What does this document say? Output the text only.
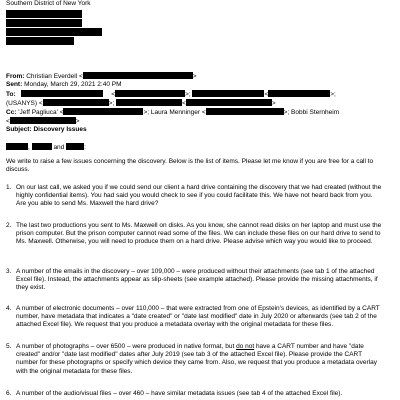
Southern District of New York
From: Christian Everdell <	>
Sent: Monday, March 29, 2021 2:40 PM
To:	<	>;	<	>;
(USANYS) <	>;	<	>
Cc: 'Jeff Pagliuca' <	>; Laura Menninger <	>; Bobbi Sternheim
<	>
Subject: Discovery Issues
,	and	:
We write to raise a few issues concerning the discovery. Below is the list of items. Please let me know if you are free for a call to discuss.
1. On our last call, we asked you if we could send our client a hard drive containing the discovery that we had created (without the highly confidential items). You had said you would check to see if you could facilitate this. We have not heard back from you. Are you able to send Ms. Maxwell the hard drive?
2. The last two productions you sent to Ms. Maxwell on disks. As you know, she cannot read disks on her laptop and must use the prison computer. But the prison computer cannot read some of the files. We can include these files on our hard drive to send to Ms. Maxwell. Otherwise, you will need to produce them on a hard drive. Please advise which way you would like to proceed.
3. A number of the emails in the discovery – over 109,000 – were produced without their attachments (see tab 1 of the attached Excel file). Instead, the attachments appear as slip-sheets (see example attached). Please provide the missing attachments, if they exist.
4. A number of electronic documents – over 110,000 – that were extracted from one of Epstein's devices, as identified by a CART number, have metadata that indicates a "date created" or "date last modified" date in July 2020 or afterwards (see tab 2 of the attached Excel file). We request that you produce a metadata overlay with the original metadata for these files.
5. A number of photographs – over 6500 – were produced in native format, but do not have a CART number and have "date created" and/or "date last modified" dates after July 2019 (see tab 3 of the attached Excel file). Please provide the CART number for these photographs or specify which device they came from. Also, we request that you produce a metadata overlay with the original metadata for these files.
6. A number of the audio/visual files – over 460 – have similar metadata issues (see tab 4 of the attached Excel file).
